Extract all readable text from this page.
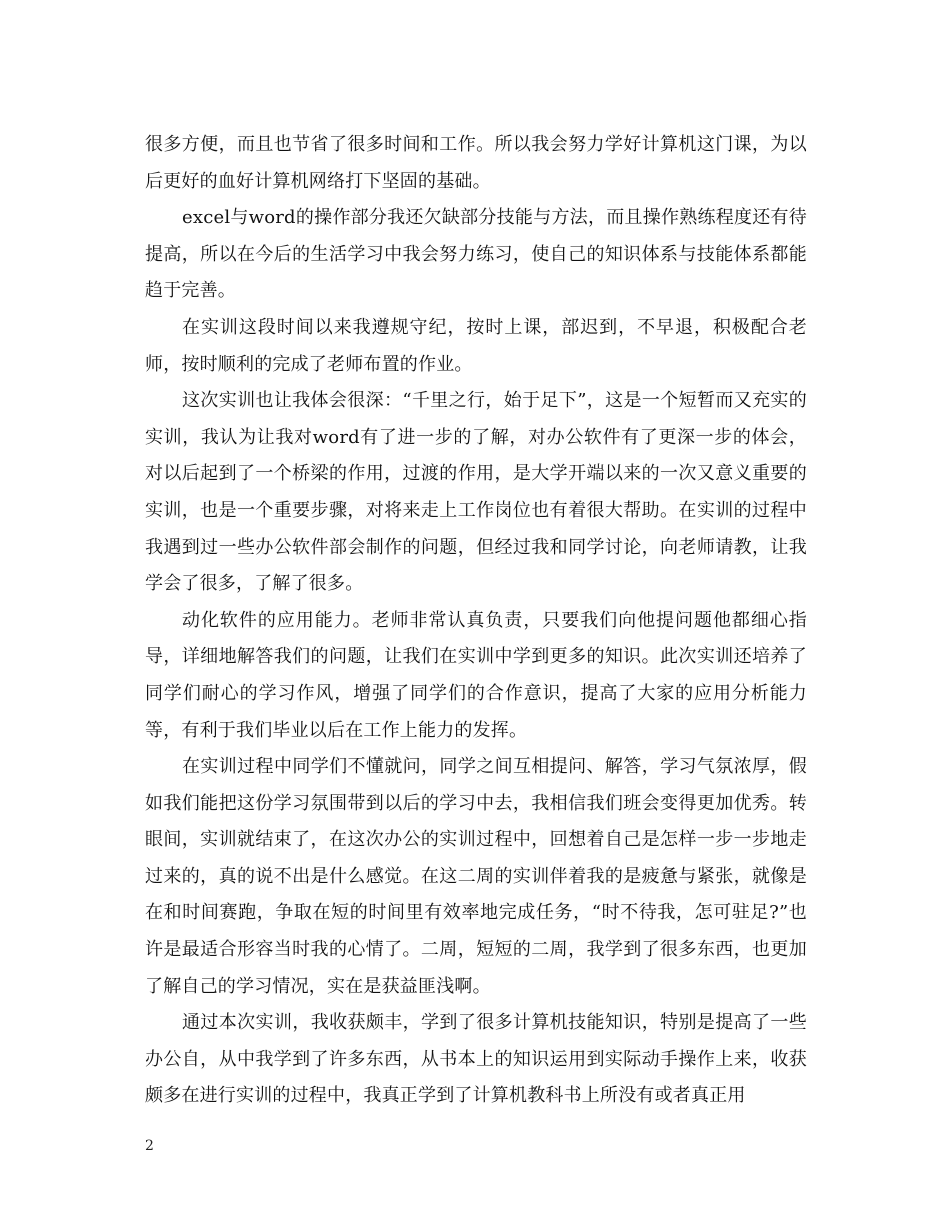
很多方便，而且也节省了很多时间和工作。所以我会努力学好计算机这门课，为以后更好的血好计算机网络打下坚固的基础。

excel与word的操作部分我还欠缺部分技能与方法，而且操作熟练程度还有待提高，所以在今后的生活学习中我会努力练习，使自己的知识体系与技能体系都能趋于完善。

在实训这段时间以来我遵规守纪，按时上课，部迟到，不早退，积极配合老师，按时顺利的完成了老师布置的作业。

这次实训也让我体会很深：“千里之行，始于足下”，这是一个短暂而又充实的实训，我认为让我对word有了进一步的了解，对办公软件有了更深一步的体会，对以后起到了一个桥梁的作用，过渡的作用，是大学开端以来的一次又意义重要的实训，也是一个重要步骤，对将来走上工作岗位也有着很大帮助。在实训的过程中我遇到过一些办公软件部会制作的问题，但经过我和同学讨论，向老师请教，让我学会了很多，了解了很多。

动化软件的应用能力。老师非常认真负责，只要我们向他提问题他都细心指导，详细地解答我们的问题，让我们在实训中学到更多的知识。此次实训还培养了同学们耐心的学习作风，增强了同学们的合作意识，提高了大家的应用分析能力等，有利于我们毕业以后在工作上能力的发挥。

在实训过程中同学们不懂就问，同学之间互相提问、解答，学习气氛浓厚，假如我们能把这份学习氛围带到以后的学习中去，我相信我们班会变得更加优秀。转眼间，实训就结束了，在这次办公的实训过程中，回想着自己是怎样一步一步地走过来的，真的说不出是什么感觉。在这二周的实训伴着我的是疲惫与紧张，就像是在和时间赛跑，争取在短的时间里有效率地完成任务，“时不待我，怎可驻足?”也许是最适合形容当时我的心情了。二周，短短的二周，我学到了很多东西，也更加了解自己的学习情况，实在是获益匪浅啊。

通过本次实训，我收获颇丰，学到了很多计算机技能知识，特别是提高了一些办公自，从中我学到了许多东西，从书本上的知识运用到实际动手操作上来，收获颇多在进行实训的过程中，我真正学到了计算机教科书上所没有或者真正用

2
